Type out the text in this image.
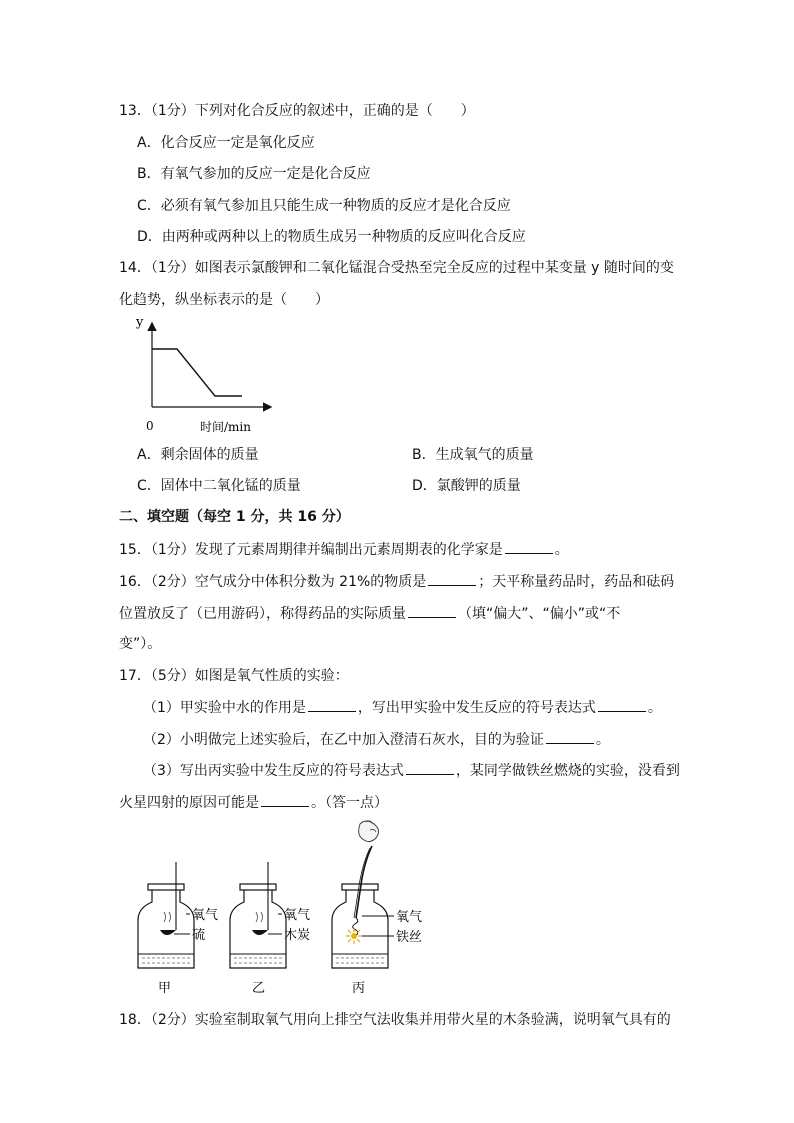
13．（1分）下列对化合反应的叙述中，正确的是（　　）
A．化合反应一定是氧化反应
B．有氧气参加的反应一定是化合反应
C．必须有氧气参加且只能生成一种物质的反应才是化合反应
D．由两种或两种以上的物质生成另一种物质的反应叫化合反应
14．（1分）如图表示氯酸钾和二氧化锰混合受热至完全反应的过程中某变量 y 随时间的变
化趋势，纵坐标表示的是（　　）
y
0	时间/min
A．剩余固体的质量	B．生成氧气的质量
C．固体中二氧化锰的质量	D．氯酸钾的质量
二、填空题（每空 1 分，共 16 分）
15．（1分）发现了元素周期律并编制出元素周期表的化学家是	。
16．（2分）空气成分中体积分数为 21%的物质是	；天平称量药品时，药品和砝码
位置放反了（已用游码），称得药品的实际质量	（填“偏大”、“偏小”或“不
变”）。
17．（5分）如图是氧气性质的实验：
（1）甲实验中水的作用是	，写出甲实验中发生反应的符号表达式	。
（2）小明做完上述实验后，在乙中加入澄清石灰水，目的为验证	。
（3）写出丙实验中发生反应的符号表达式	，某同学做铁丝燃烧的实验，没看到
火星四射的原因可能是	。（答一点）
氧气
硫
甲
氧气
木炭
乙
氧气
铁丝
丙
18．（2分）实验室制取氧气用向上排空气法收集并用带火星的木条验满，说明氧气具有的
